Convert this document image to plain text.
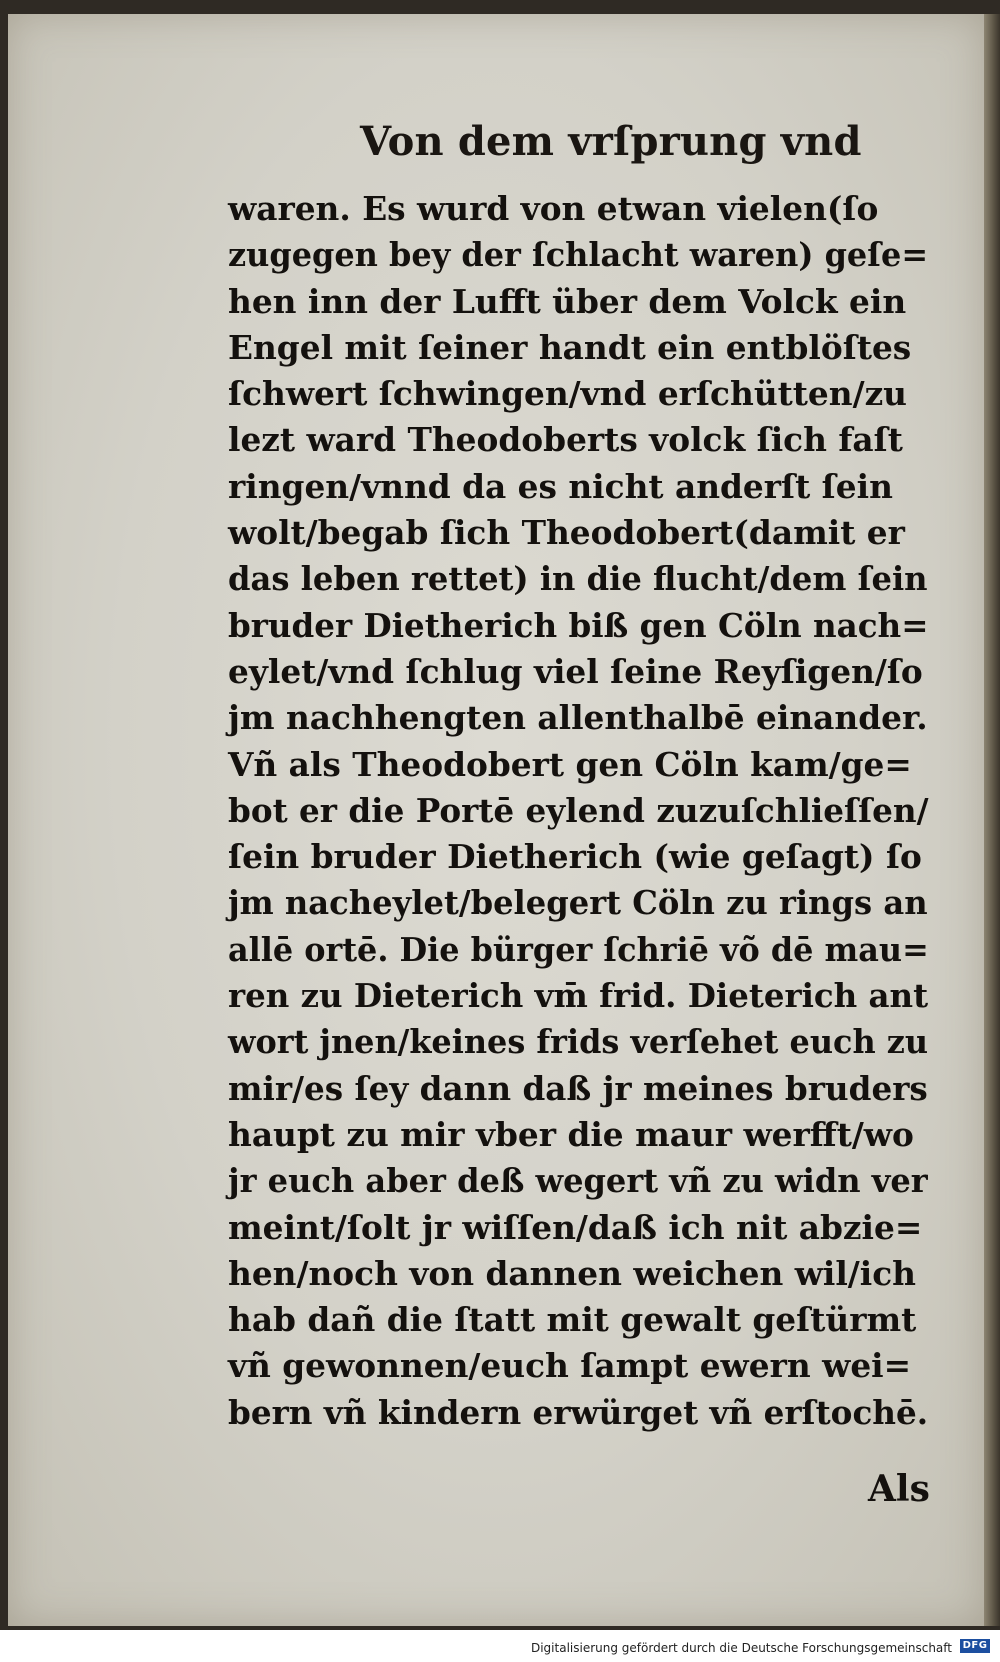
Von dem vrſprung vnd
waren. Es wurd von etwan vielen(ſo
zugegen bey der ſchlacht waren) geſe=
hen inn der Lufft über dem Volck ein
Engel mit ſeiner handt ein entblöſtes
ſchwert ſchwingen/vnd erſchütten/zu
lezt ward Theodoberts volck ſich faſt
ringen/vnnd da es nicht anderſt ſein
wolt/begab ſich Theodobert(damit er
das leben rettet) in die flucht/dem ſein
bruder Dietherich biß gen Cöln nach=
eylet/vnd ſchlug viel ſeine Reyſigen/ſo
jm nachhengten allenthalbē einander.
Vñ als Theodobert gen Cöln kam/ge=
bot er die Portē eylend zuzuſchlieſſen/
ſein bruder Dietherich (wie geſagt) ſo
jm nacheylet/belegert Cöln zu rings an
allē ortē. Die bürger ſchriē võ dē mau=
ren zu Dieterich vm̄ frid. Dieterich ant
wort jnen/keines frids verſehet euch zu
mir/es ſey dann daß jr meines bruders
haupt zu mir vber die maur werfft/wo
jr euch aber deß wegert vñ zu widn ver
meint/ſolt jr wiſſen/daß ich nit abzie=
hen/noch von dannen weichen wil/ich
hab dañ die ſtatt mit gewalt geſtürmt
vñ gewonnen/euch ſampt ewern wei=
bern vñ kindern erwürget vñ erſtochē.
Als
Digitalisierung gefördert durch die Deutsche Forschungsgemeinschaft DFG
